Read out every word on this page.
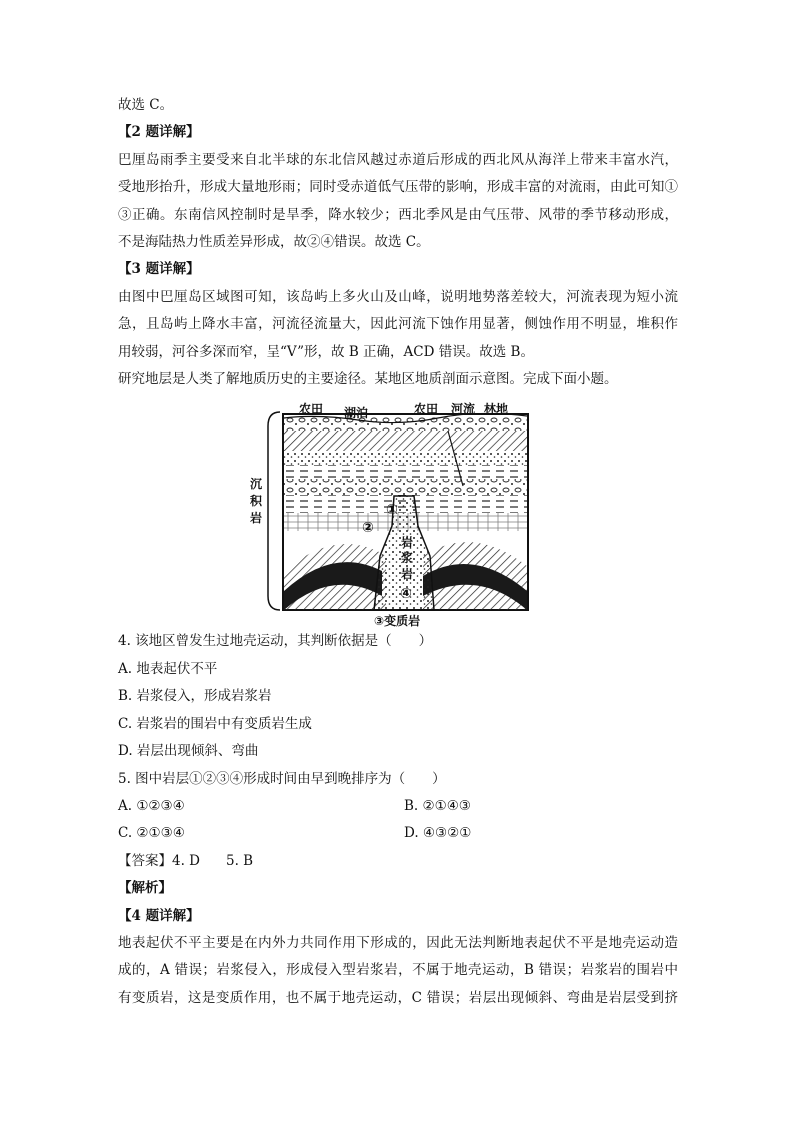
故选 C。
【2 题详解】
巴厘岛雨季主要受来自北半球的东北信风越过赤道后形成的西北风从海洋上带来丰富水汽，
受地形抬升，形成大量地形雨；同时受赤道低气压带的影响，形成丰富的对流雨，由此可知①
③正确。东南信风控制时是旱季，降水较少；西北季风是由气压带、风带的季节移动形成，
不是海陆热力性质差异形成，故②④错误。故选 C。
【3 题详解】
由图中巴厘岛区域图可知，该岛屿上多火山及山峰，说明地势落差较大，河流表现为短小流
急，且岛屿上降水丰富，河流径流量大，因此河流下蚀作用显著，侧蚀作用不明显，堆积作
用较弱，河谷多深而窄，呈“V”形，故 B 正确，ACD 错误。故选 B。
研究地层是人类了解地质历史的主要途径。某地区地质剖面示意图。完成下面小题。
农田 湖泊	农田 河流 林地
沉积岩	①
②
岩浆岩
④
③变质岩
4. 该地区曾发生过地壳运动，其判断依据是（　　）
A. 地表起伏不平
B. 岩浆侵入，形成岩浆岩
C. 岩浆岩的围岩中有变质岩生成
D. 岩层出现倾斜、弯曲
5. 图中岩层①②③④形成时间由早到晚排序为（　　）
A. ①②③④	B. ②①④③
C. ②①③④	D. ④③②①
【答案】4. D 5. B
【解析】
【4 题详解】
地表起伏不平主要是在内外力共同作用下形成的，因此无法判断地表起伏不平是地壳运动造
成的，A 错误；岩浆侵入，形成侵入型岩浆岩，不属于地壳运动，B 错误；岩浆岩的围岩中
有变质岩，这是变质作用，也不属于地壳运动，C 错误；岩层出现倾斜、弯曲是岩层受到挤
